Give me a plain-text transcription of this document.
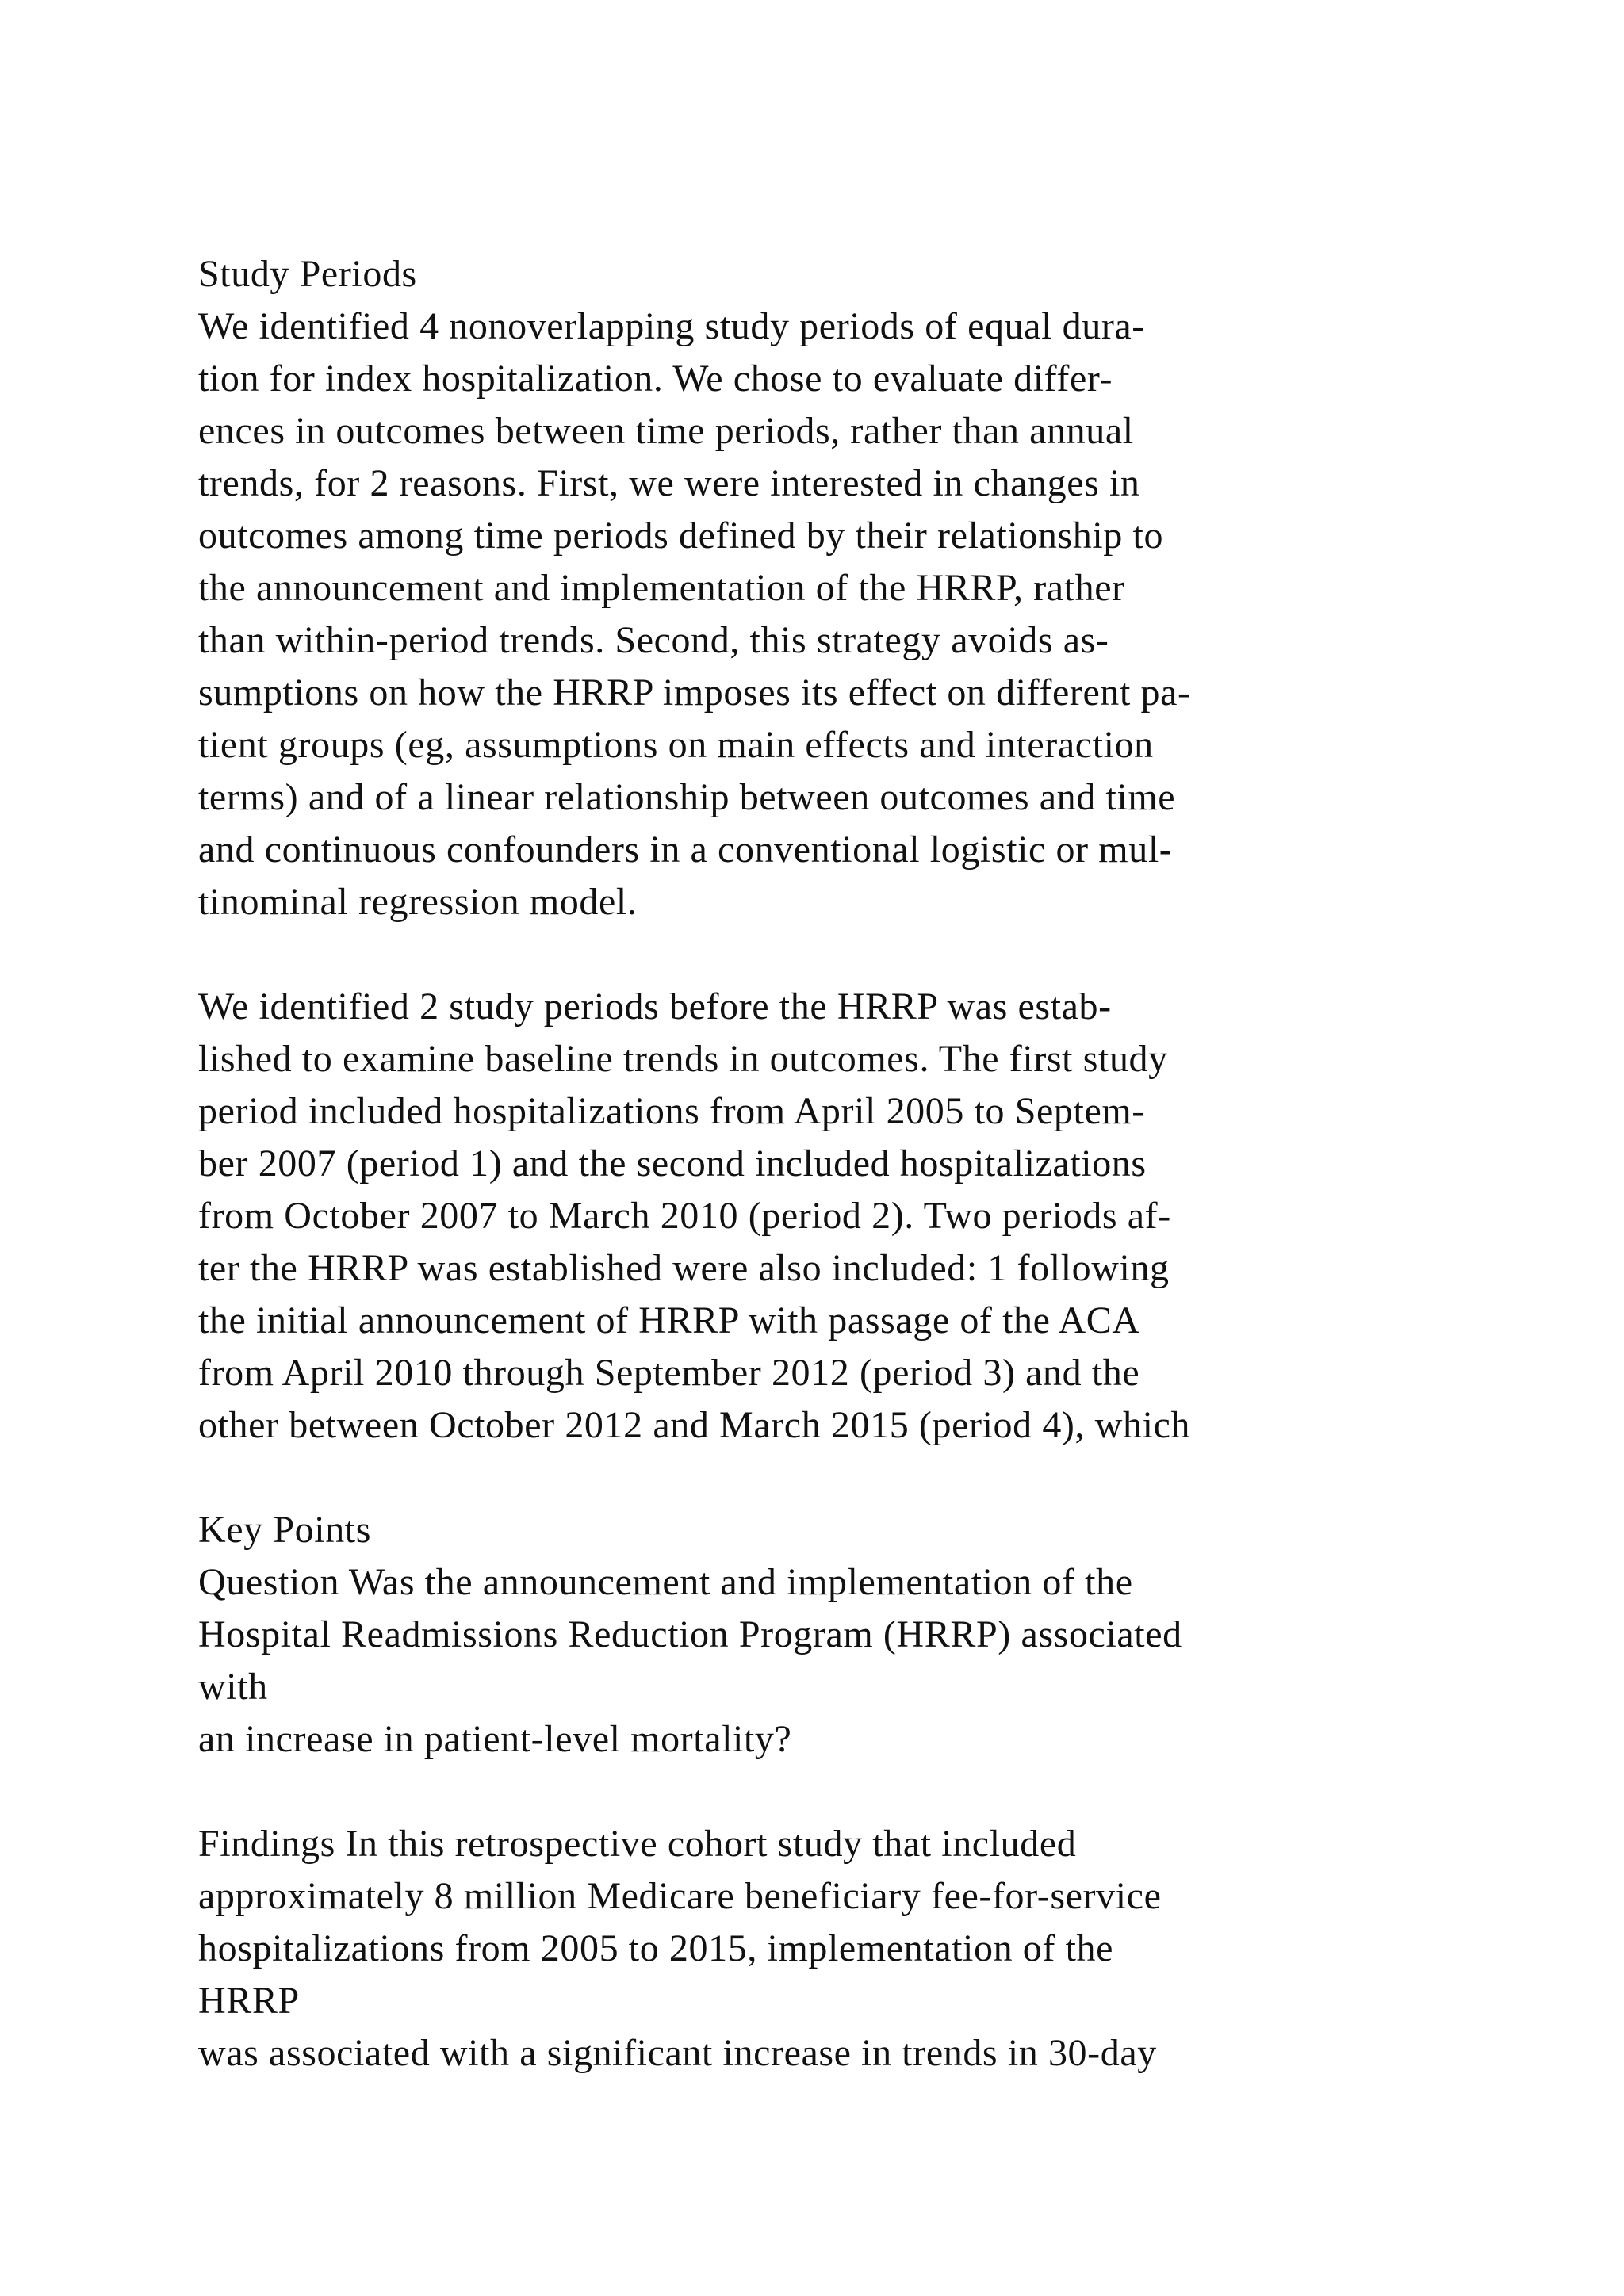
Study Periods
We identified 4 nonoverlapping study periods of equal dura-
tion for index hospitalization. We chose to evaluate differ-
ences in outcomes between time periods, rather than annual
trends, for 2 reasons. First, we were interested in changes in
outcomes among time periods defined by their relationship to
the announcement and implementation of the HRRP, rather
than within-period trends. Second, this strategy avoids as-
sumptions on how the HRRP imposes its effect on different pa-
tient groups (eg, assumptions on main effects and interaction
terms) and of a linear relationship between outcomes and time
and continuous confounders in a conventional logistic or mul-
tinominal regression model.
We identified 2 study periods before the HRRP was estab-
lished to examine baseline trends in outcomes. The first study
period included hospitalizations from April 2005 to Septem-
ber 2007 (period 1) and the second included hospitalizations
from October 2007 to March 2010 (period 2). Two periods af-
ter the HRRP was established were also included: 1 following
the initial announcement of HRRP with passage of the ACA
from April 2010 through September 2012 (period 3) and the
other between October 2012 and March 2015 (period 4), which
Key Points
Question Was the announcement and implementation of the
Hospital Readmissions Reduction Program (HRRP) associated
with
an increase in patient-level mortality?
Findings In this retrospective cohort study that included
approximately 8 million Medicare beneficiary fee-for-service
hospitalizations from 2005 to 2015, implementation of the
HRRP
was associated with a significant increase in trends in 30-day
